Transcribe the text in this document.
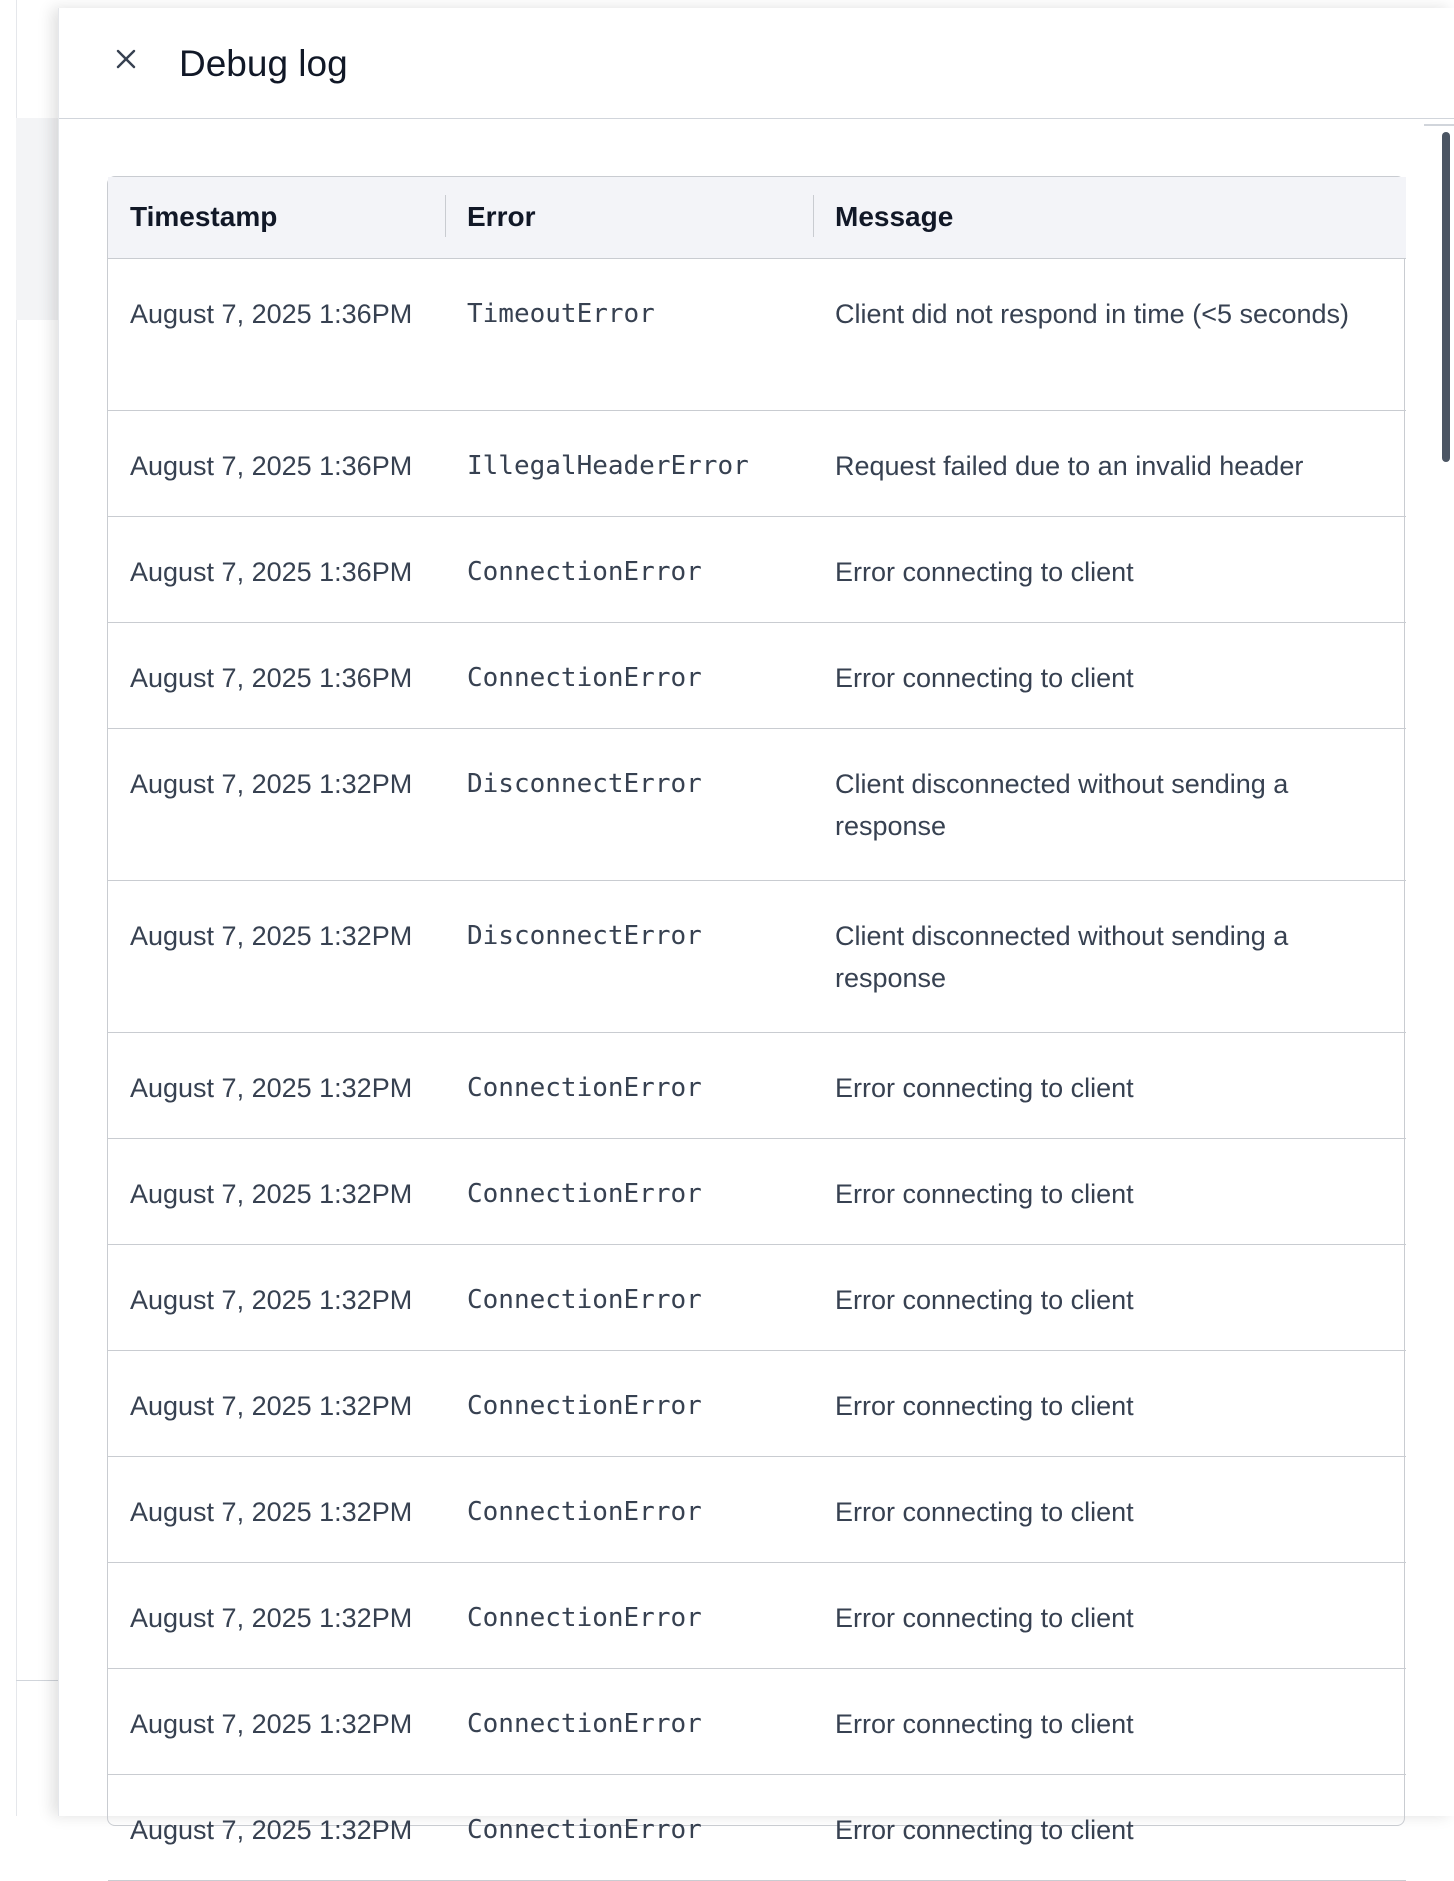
Debug log
Timestamp	Error	Message
August 7, 2025 1:36PM	TimeoutError	Client did not respond in time (<5 seconds)
August 7, 2025 1:36PM	IllegalHeaderError	Request failed due to an invalid header
August 7, 2025 1:36PM	ConnectionError	Error connecting to client
August 7, 2025 1:36PM	ConnectionError	Error connecting to client
August 7, 2025 1:32PM	DisconnectError	Client disconnected without sending a response
August 7, 2025 1:32PM	DisconnectError	Client disconnected without sending a response
August 7, 2025 1:32PM	ConnectionError	Error connecting to client
August 7, 2025 1:32PM	ConnectionError	Error connecting to client
August 7, 2025 1:32PM	ConnectionError	Error connecting to client
August 7, 2025 1:32PM	ConnectionError	Error connecting to client
August 7, 2025 1:32PM	ConnectionError	Error connecting to client
August 7, 2025 1:32PM	ConnectionError	Error connecting to client
August 7, 2025 1:32PM	ConnectionError	Error connecting to client
August 7, 2025 1:32PM	ConnectionError	Error connecting to client
